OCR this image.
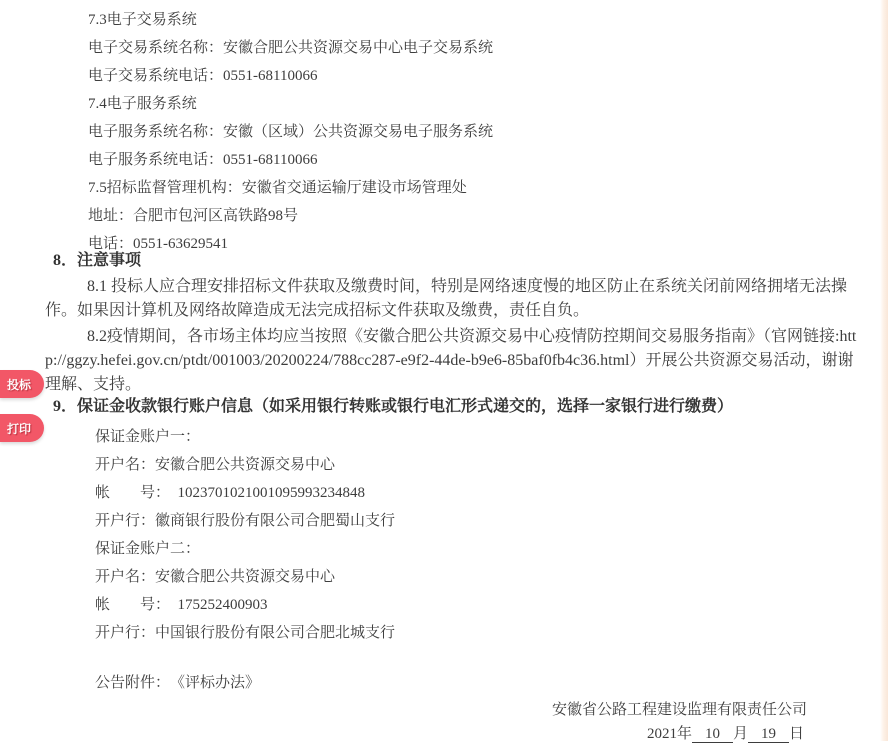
7.3电子交易系统

电子交易系统名称：安徽合肥公共资源交易中心电子交易系统

电子交易系统电话：0551-68110066

7.4电子服务系统

电子服务系统名称：安徽（区域）公共资源交易电子服务系统

电子服务系统电话：0551-68110066

7.5招标监督管理机构：安徽省交通运输厅建设市场管理处

地址：合肥市包河区高铁路98号

电话：0551-63629541

8．注意事项

8.1 投标人应合理安排招标文件获取及缴费时间，特别是网络速度慢的地区防止在系统关闭前网络拥堵无法操作。如果因计算机及网络故障造成无法完成招标文件获取及缴费，责任自负。

8.2疫情期间，各市场主体均应当按照《安徽合肥公共资源交易中心疫情防控期间交易服务指南》（官网链接:http://ggzy.hefei.gov.cn/ptdt/001003/20200224/788cc287-e9f2-44de-b9e6-85baf0fb4c36.html）开展公共资源交易活动，谢谢理解、支持。

9．保证金收款银行账户信息（如采用银行转账或银行电汇形式递交的，选择一家银行进行缴费）

保证金账户一：

开户名：安徽合肥公共资源交易中心

帐　　号：　1023701021001095993234848

开户行：徽商银行股份有限公司合肥蜀山支行

保证金账户二：

开户名：安徽合肥公共资源交易中心

帐　　号：　175252400903

开户行：中国银行股份有限公司合肥北城支行

公告附件：　《评标办法》

安徽省公路工程建设监理有限责任公司

2021年 10 月 19 日

投标
打印
